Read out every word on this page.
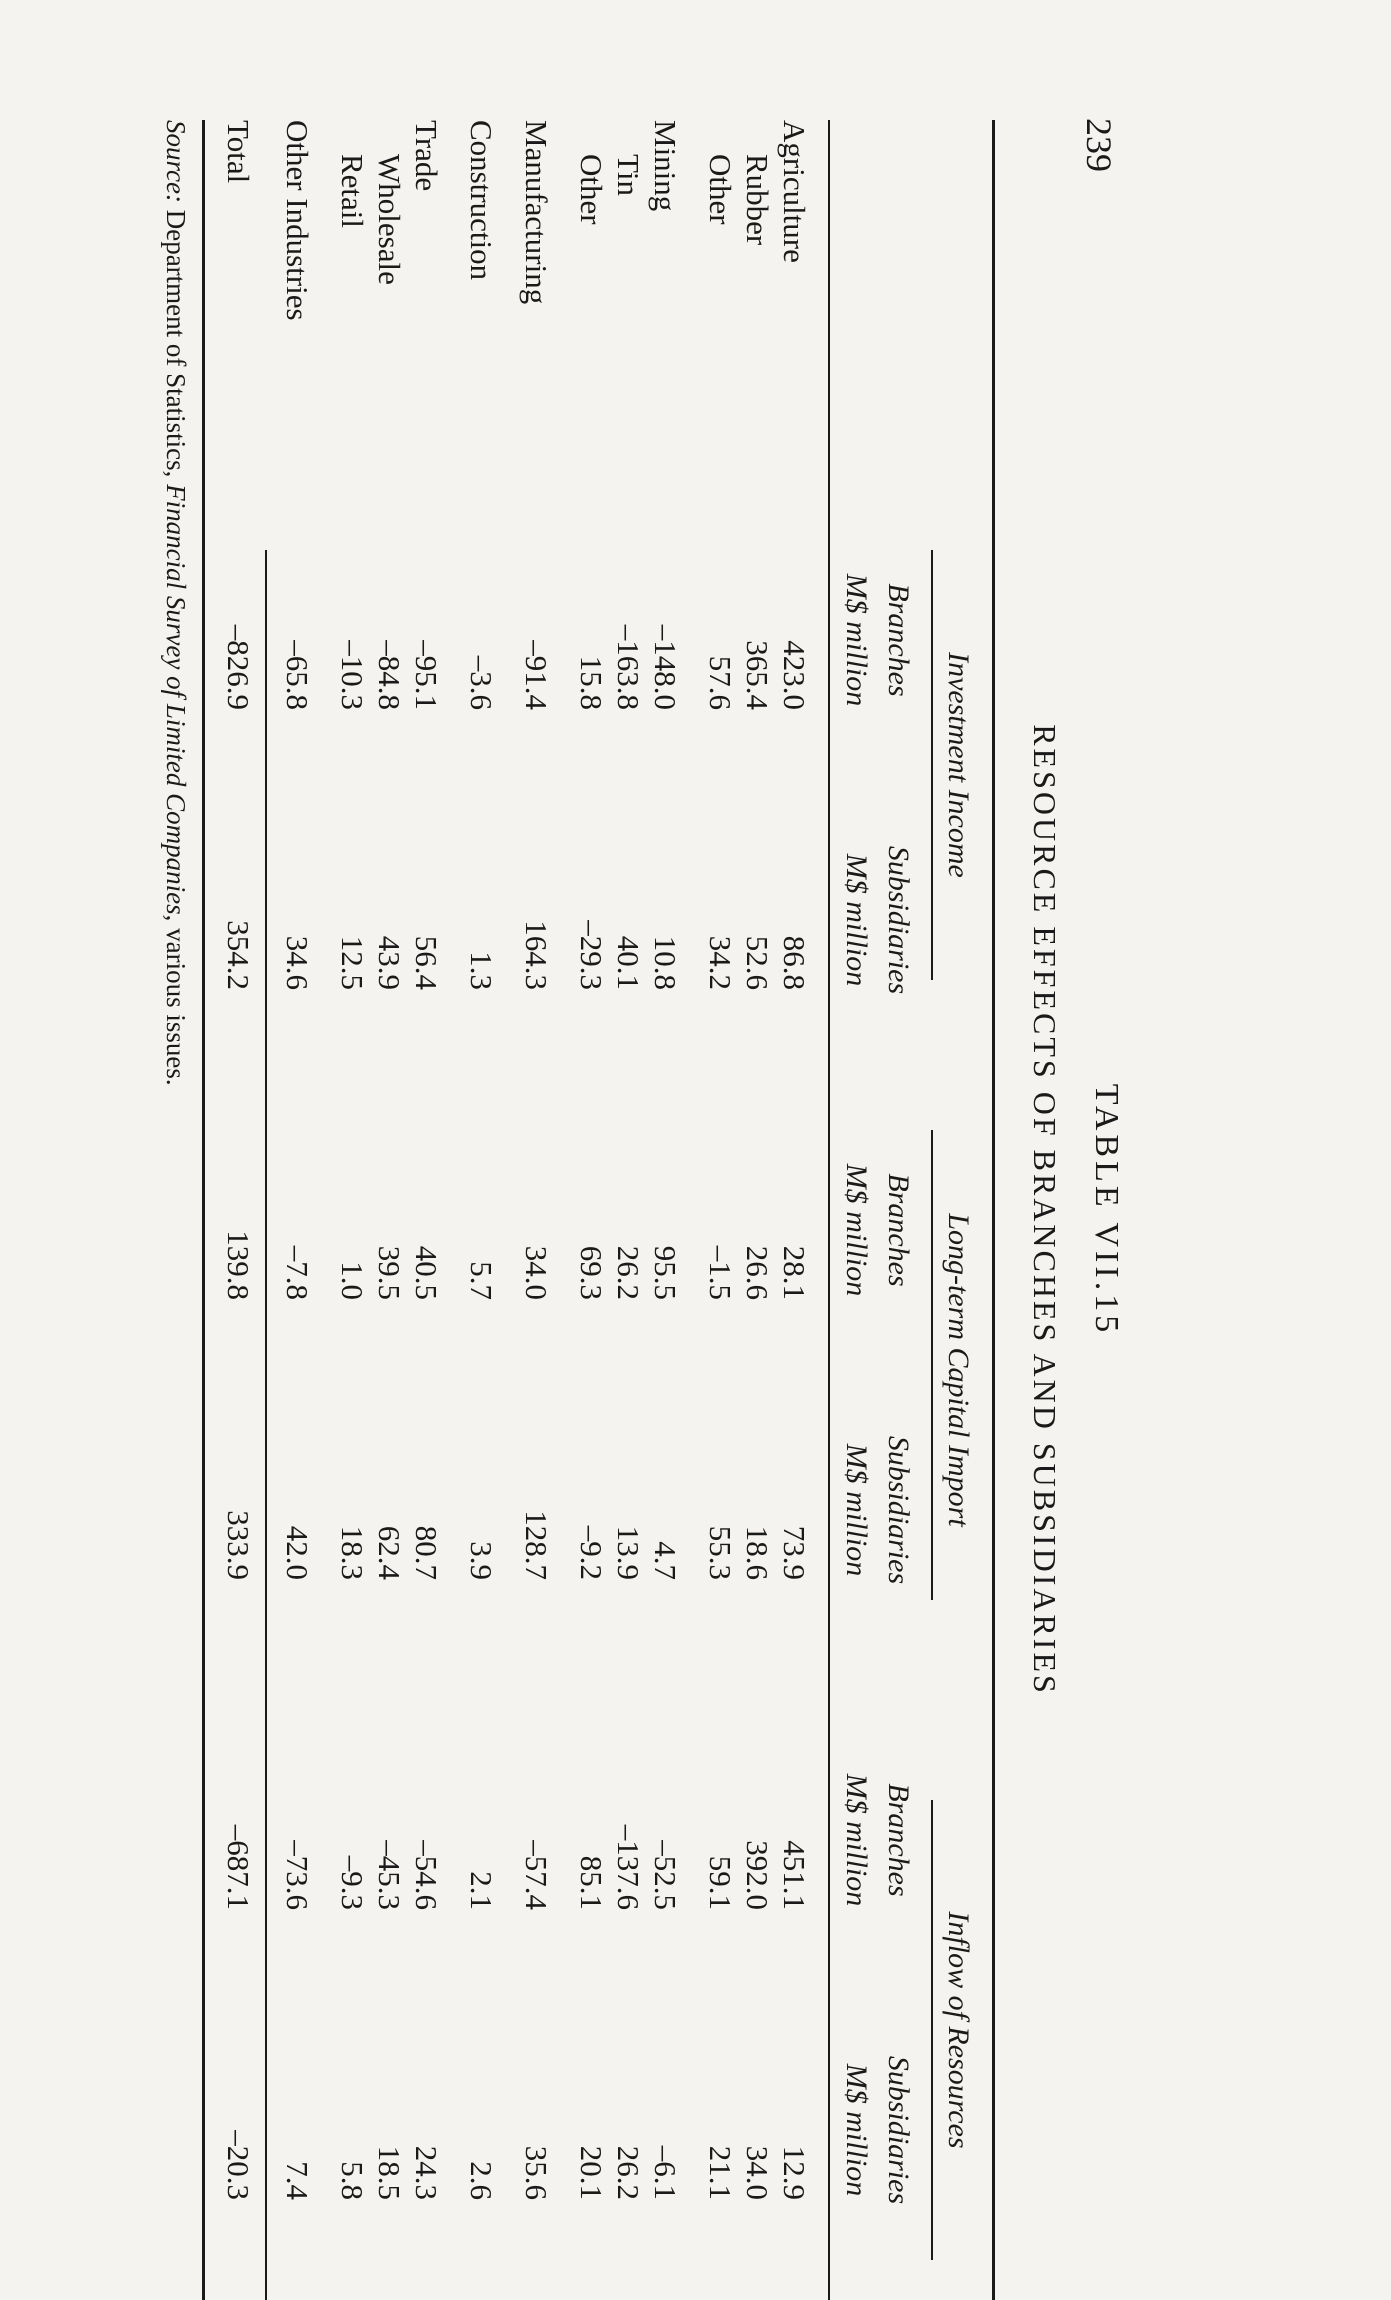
239
TABLE VII.15
RESOURCE EFFECTS OF BRANCHES AND SUBSIDIARIES
Investment Income
Long-term Capital Import
Inflow of Resources
Branches
M$ million
Subsidiaries
M$ million
Branches
M$ million
Subsidiaries
M$ million
Branches
M$ million
Subsidiaries
M$ million
Agriculture
423.0
86.8
28.1
73.9
451.1
12.9
Rubber
365.4
52.6
26.6
18.6
392.0
34.0
Other
57.6
34.2
–1.5
55.3
59.1
21.1
Mining
–148.0
10.8
95.5
4.7
–52.5
–6.1
Tin
–163.8
40.1
26.2
13.9
–137.6
26.2
Other
15.8
–29.3
69.3
–9.2
85.1
20.1
Manufacturing
–91.4
164.3
34.0
128.7
–57.4
35.6
Construction
–3.6
1.3
5.7
3.9
2.1
2.6
Trade
–95.1
56.4
40.5
80.7
–54.6
24.3
Wholesale
–84.8
43.9
39.5
62.4
–45.3
18.5
Retail
–10.3
12.5
1.0
18.3
–9.3
5.8
Other Industries
–65.8
34.6
–7.8
42.0
–73.6
7.4
Total
–826.9
354.2
139.8
333.9
–687.1
–20.3
Source: Department of Statistics, Financial Survey of Limited Companies, various issues.
